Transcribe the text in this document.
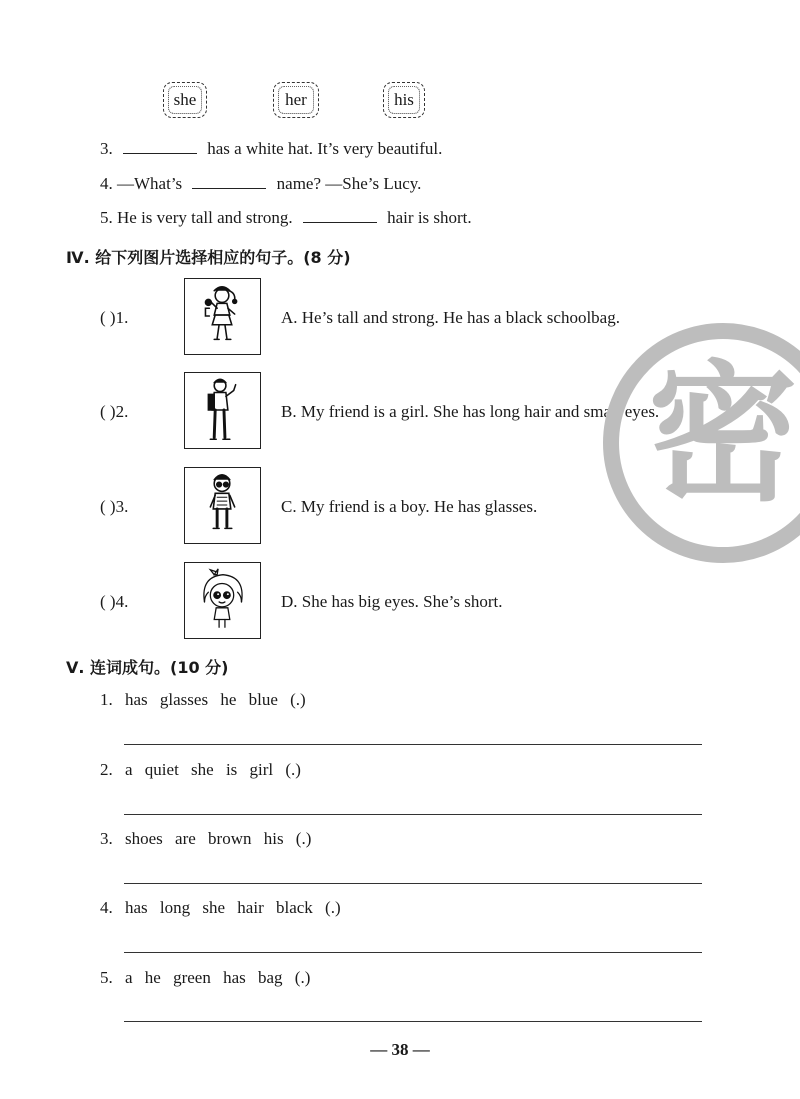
she	her	his
3.	has a white hat. It’s very beautiful.
4. —What’s	name? —She’s Lucy.
5. He is very tall and strong.	hair is short.
Ⅳ. 给下列图片选择相应的句子。(8 分)
( )1.	A. He’s tall and strong. He has a black schoolbag.
( )2.	B. My friend is a girl. She has long hair and small eyes.
( )3.	C. My friend is a boy. He has glasses.
( )4.	D. She has big eyes. She’s short.
密
Ⅴ. 连词成句。(10 分)
1. has glasses he blue (.)
2. a quiet she is girl (.)
3. shoes are brown his (.)
4. has long she hair black (.)
5. a he green has bag (.)
— 38 —
